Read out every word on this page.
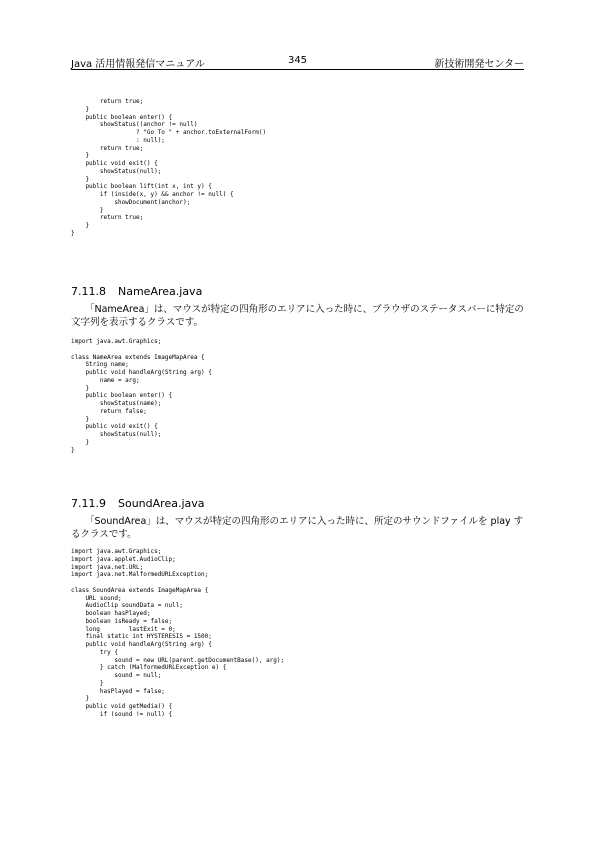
Java 活用情報発信マニュアル	345	新技術開発センター
return true;
}
public boolean enter() {
showStatus((anchor != null)
? "Go To " + anchor.toExternalForm()
: null);
return true;
}
public void exit() {
showStatus(null);
}
public boolean lift(int x, int y) {
if (inside(x, y) && anchor != null) {
showDocument(anchor);
}
return true;
}
}
7.11.8 NameArea.java

「NameArea」は、マウスが特定の四角形のエリアに入った時に、ブラウザのステータスバーに特定の文字列を表示するクラスです。

import java.awt.Graphics;

class NameArea extends ImageMapArea {
String name;
public void handleArg(String arg) {
name = arg;
}
public boolean enter() {
showStatus(name);
return false;
}
public void exit() {
showStatus(null);
}
}
7.11.9 SoundArea.java

「SoundArea」は、マウスが特定の四角形のエリアに入った時に、所定のサウンドファイルを play するクラスです。

import java.awt.Graphics;
import java.applet.AudioClip;
import java.net.URL;
import java.net.MalformedURLException;

class SoundArea extends ImageMapArea {
URL sound;
AudioClip soundData = null;
boolean hasPlayed;
boolean isReady = false;
long        lastExit = 0;
final static int HYSTERESIS = 1500;
public void handleArg(String arg) {
try {
sound = new URL(parent.getDocumentBase(), arg);
} catch (MalformedURLException e) {
sound = null;
}
hasPlayed = false;
}
public void getMedia() {
if (sound != null) {
